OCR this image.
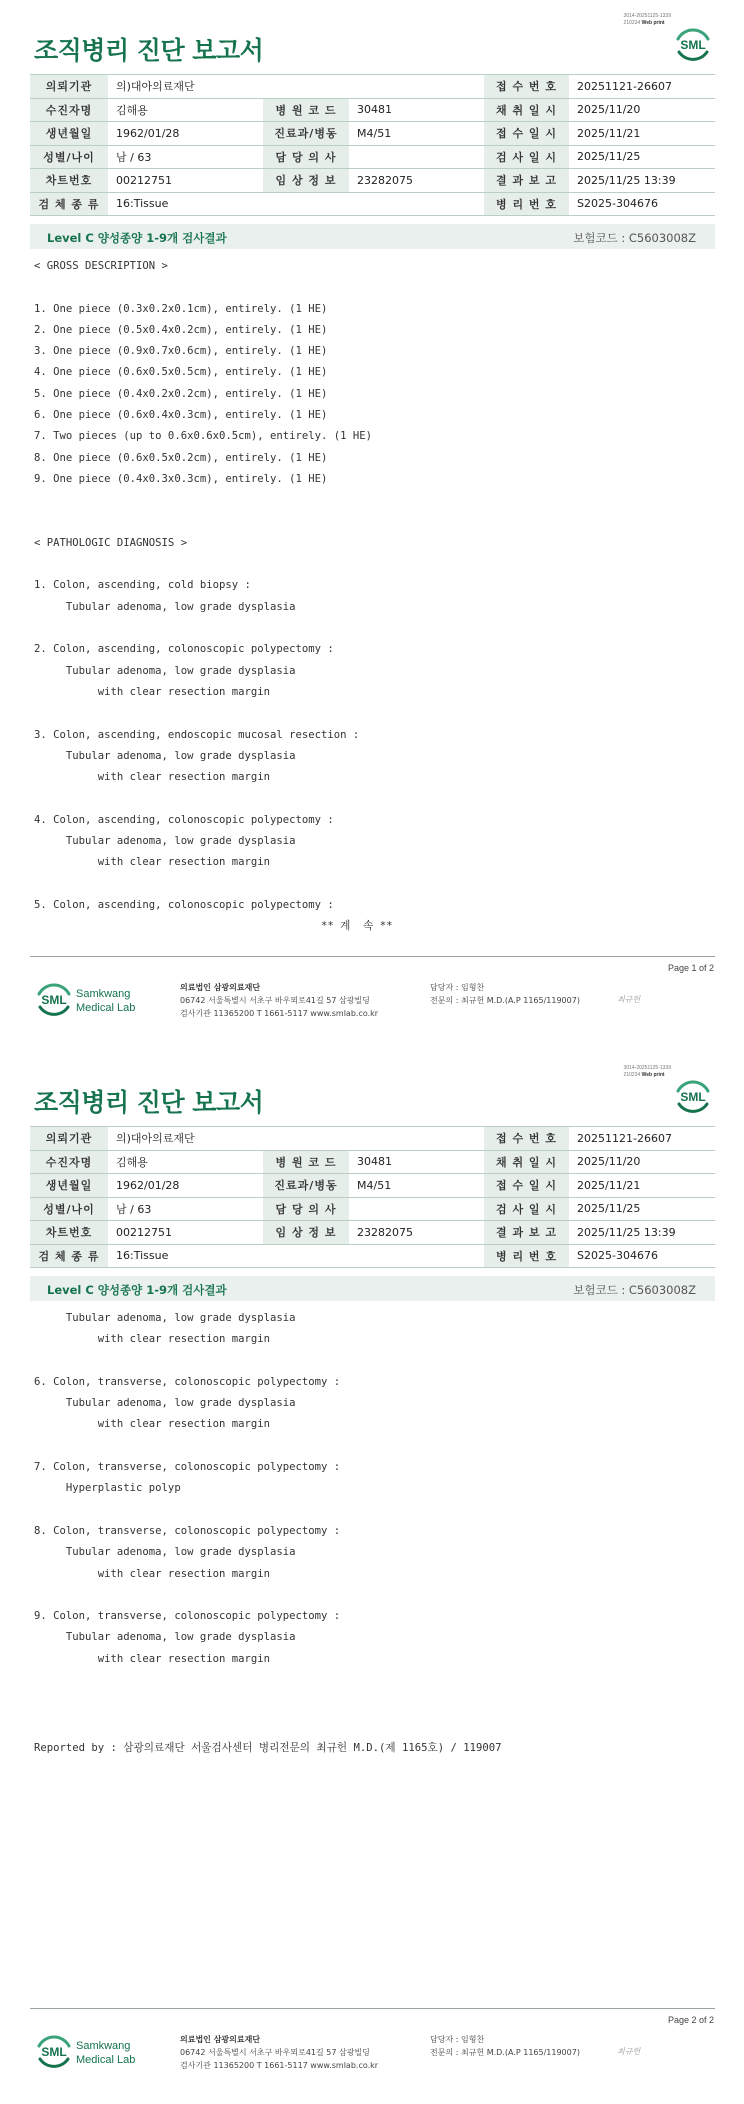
3014-20251125-1339
210234 Web print
조직병리 진단 보고서	SML
의뢰기관	의)대아의료재단			접 수 번 호	20251121-26607
수진자명	김해용	병 원 코 드	30481	채 취 일 시	2025/11/20
생년월일	1962/01/28	진료과/병동	M4/51	접 수 일 시	2025/11/21
성별/나이	남 / 63	담 당 의 사		검 사 일 시	2025/11/25
차트번호	00212751	임 상 정 보	23282075	결 과 보 고	2025/11/25 13:39
검 체 종 류	16:Tissue			병 리 번 호	S2025-304676
Level C 양성종양 1-9개 검사결과	보험코드 : C5603008Z
< GROSS DESCRIPTION >

1. One piece (0.3x0.2x0.1cm), entirely. (1 HE)
2. One piece (0.5x0.4x0.2cm), entirely. (1 HE)
3. One piece (0.9x0.7x0.6cm), entirely. (1 HE)
4. One piece (0.6x0.5x0.5cm), entirely. (1 HE)
5. One piece (0.4x0.2x0.2cm), entirely. (1 HE)
6. One piece (0.6x0.4x0.3cm), entirely. (1 HE)
7. Two pieces (up to 0.6x0.6x0.5cm), entirely. (1 HE)
8. One piece (0.6x0.5x0.2cm), entirely. (1 HE)
9. One piece (0.4x0.3x0.3cm), entirely. (1 HE)

< PATHOLOGIC DIAGNOSIS >

1. Colon, ascending, cold biopsy :
Tubular adenoma, low grade dysplasia

2. Colon, ascending, colonoscopic polypectomy :
Tubular adenoma, low grade dysplasia
with clear resection margin

3. Colon, ascending, endoscopic mucosal resection :
Tubular adenoma, low grade dysplasia
with clear resection margin

4. Colon, ascending, colonoscopic polypectomy :
Tubular adenoma, low grade dysplasia
with clear resection margin

5. Colon, ascending, colonoscopic polypectomy :
** 계  속 **
Page 1 of 2
SML Samkwang
Medical Lab
의료법인 삼광의료재단
06742 서울특별시 서초구 바우뫼로41길 57 삼광빌딩
검사기관 11365200 T 1661-5117 www.smlab.co.kr
담당자 : 임형찬
전문의 : 최규헌 M.D.(A.P 1165/119007)	최규헌
3014-20251125-1339
210234 Web print
조직병리 진단 보고서	SML
의뢰기관	의)대아의료재단			접 수 번 호	20251121-26607
수진자명	김해용	병 원 코 드	30481	채 취 일 시	2025/11/20
생년월일	1962/01/28	진료과/병동	M4/51	접 수 일 시	2025/11/21
성별/나이	남 / 63	담 당 의 사		검 사 일 시	2025/11/25
차트번호	00212751	임 상 정 보	23282075	결 과 보 고	2025/11/25 13:39
검 체 종 류	16:Tissue			병 리 번 호	S2025-304676
Level C 양성종양 1-9개 검사결과	보험코드 : C5603008Z
Tubular adenoma, low grade dysplasia
with clear resection margin

6. Colon, transverse, colonoscopic polypectomy :
Tubular adenoma, low grade dysplasia
with clear resection margin

7. Colon, transverse, colonoscopic polypectomy :
Hyperplastic polyp

8. Colon, transverse, colonoscopic polypectomy :
Tubular adenoma, low grade dysplasia
with clear resection margin

9. Colon, transverse, colonoscopic polypectomy :
Tubular adenoma, low grade dysplasia
with clear resection margin
Reported by : 삼광의료재단 서울검사센터 병리전문의 최규헌 M.D.(제 1165호) / 119007
Page 2 of 2
SML Samkwang
Medical Lab
의료법인 삼광의료재단
06742 서울특별시 서초구 바우뫼로41길 57 삼광빌딩
검사기관 11365200 T 1661-5117 www.smlab.co.kr
담당자 : 임형찬
전문의 : 최규헌 M.D.(A.P 1165/119007)	최규헌
